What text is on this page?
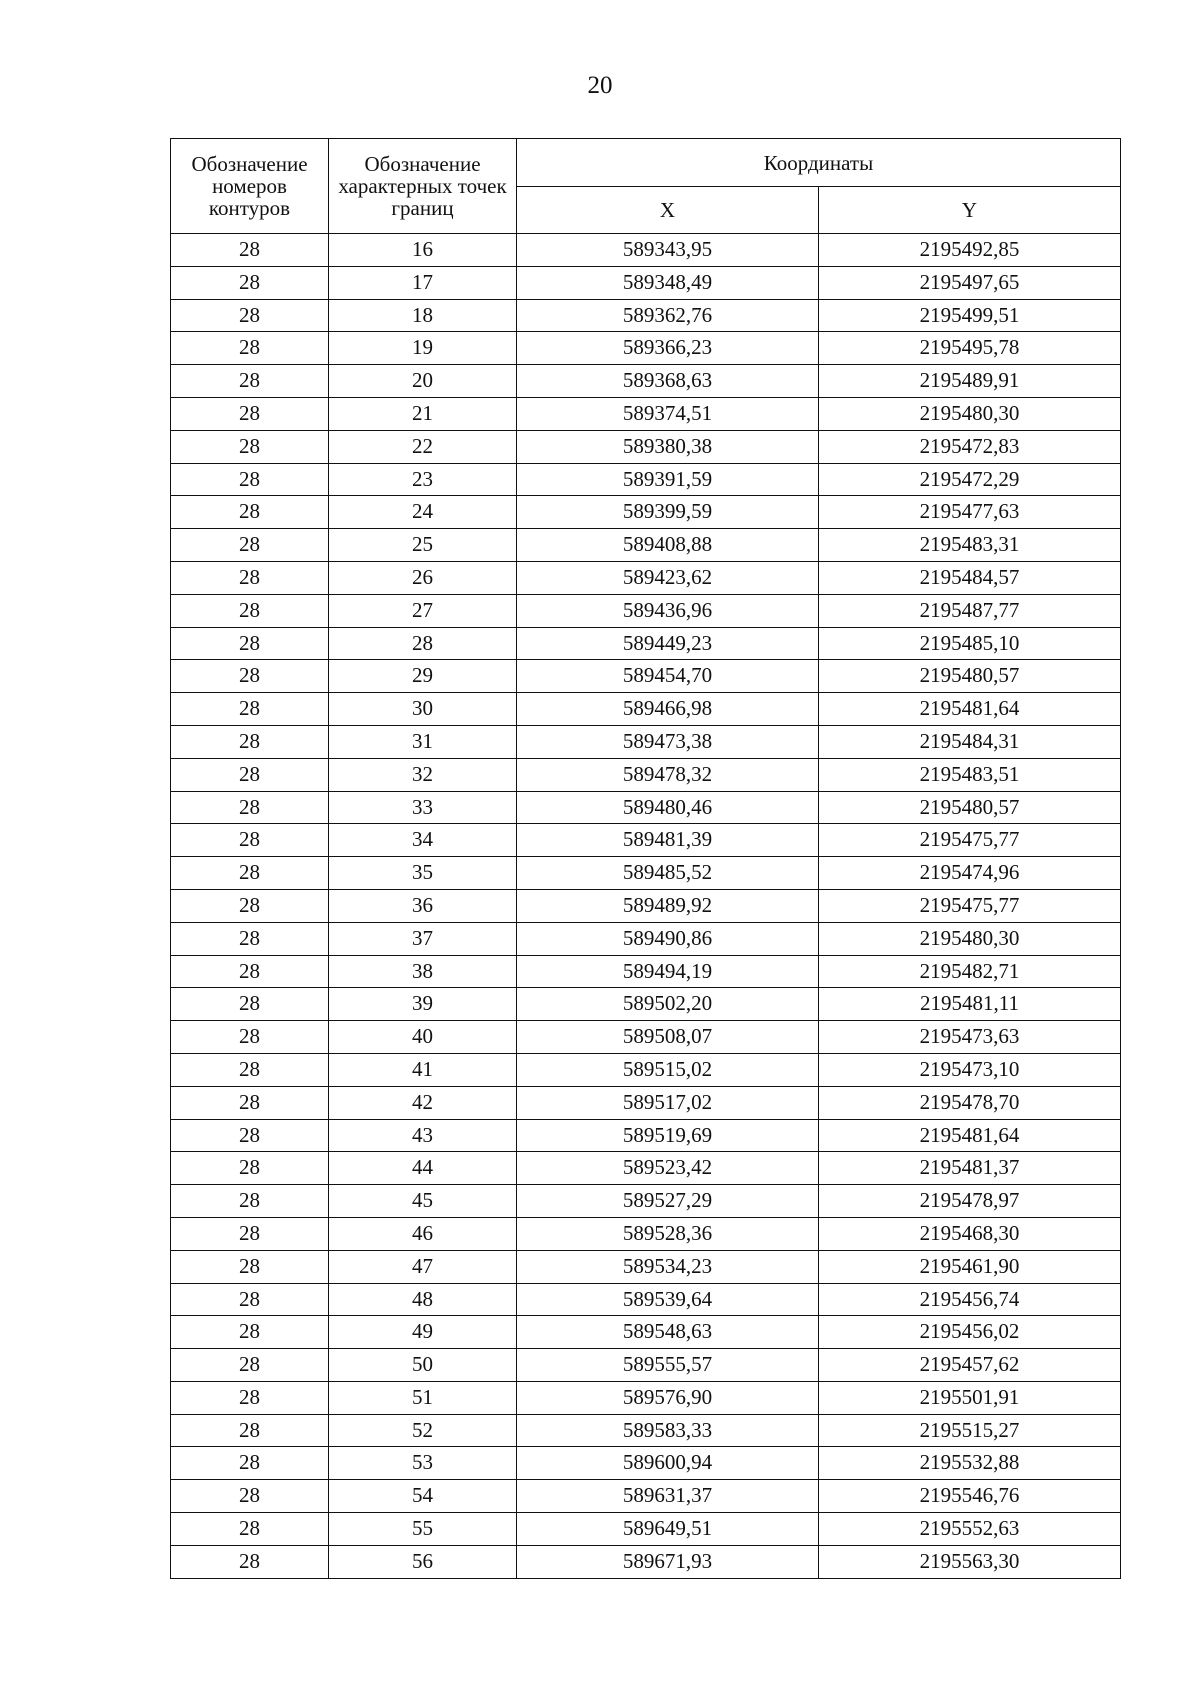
20
Обозначение номеров контуров	Обозначение характерных точек границ	Координаты	
		X	Y
28	16	589343,95	2195492,85
28	17	589348,49	2195497,65
28	18	589362,76	2195499,51
28	19	589366,23	2195495,78
28	20	589368,63	2195489,91
28	21	589374,51	2195480,30
28	22	589380,38	2195472,83
28	23	589391,59	2195472,29
28	24	589399,59	2195477,63
28	25	589408,88	2195483,31
28	26	589423,62	2195484,57
28	27	589436,96	2195487,77
28	28	589449,23	2195485,10
28	29	589454,70	2195480,57
28	30	589466,98	2195481,64
28	31	589473,38	2195484,31
28	32	589478,32	2195483,51
28	33	589480,46	2195480,57
28	34	589481,39	2195475,77
28	35	589485,52	2195474,96
28	36	589489,92	2195475,77
28	37	589490,86	2195480,30
28	38	589494,19	2195482,71
28	39	589502,20	2195481,11
28	40	589508,07	2195473,63
28	41	589515,02	2195473,10
28	42	589517,02	2195478,70
28	43	589519,69	2195481,64
28	44	589523,42	2195481,37
28	45	589527,29	2195478,97
28	46	589528,36	2195468,30
28	47	589534,23	2195461,90
28	48	589539,64	2195456,74
28	49	589548,63	2195456,02
28	50	589555,57	2195457,62
28	51	589576,90	2195501,91
28	52	589583,33	2195515,27
28	53	589600,94	2195532,88
28	54	589631,37	2195546,76
28	55	589649,51	2195552,63
28	56	589671,93	2195563,30
